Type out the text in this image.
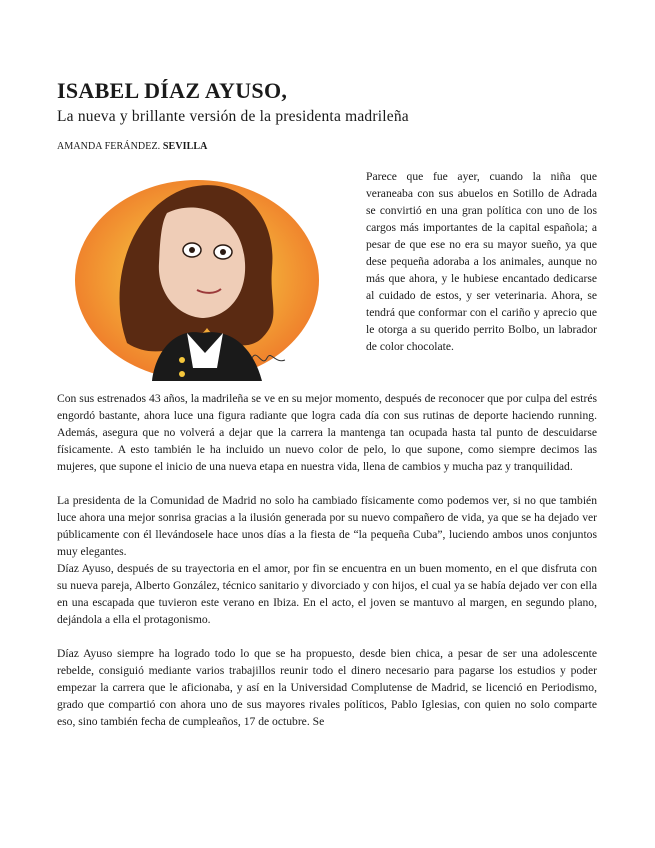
ISABEL DÍAZ AYUSO,
La nueva y brillante versión de la presidenta madrileña
AMANDA FERÁNDEZ. SEVILLA

Parece que fue ayer, cuando la niña que veraneaba con sus abuelos en Sotillo de Adrada se convirtió en una gran política con uno de los cargos más importantes de la capital española; a pesar de que ese no era su mayor sueño, ya que dese pequeña adoraba a los animales, aunque no más que ahora, y le hubiese encantado dedicarse al cuidado de estos, y ser veterinaria. Ahora, se tendrá que conformar con el cariño y aprecio que le otorga a su querido perrito Bolbo, un labrador de color chocolate.

Con sus estrenados 43 años, la madrileña se ve en su mejor momento, después de reconocer que por culpa del estrés engordó bastante, ahora luce una figura radiante que logra cada día con sus rutinas de deporte haciendo running. Además, asegura que no volverá a dejar que la carrera la mantenga tan ocupada hasta tal punto de descuidarse físicamente. A esto también le ha incluido un nuevo color de pelo, lo que supone, como siempre decimos las mujeres, que supone el inicio de una nueva etapa en nuestra vida, llena de cambios y mucha paz y tranquilidad.

La presidenta de la Comunidad de Madrid no solo ha cambiado físicamente como podemos ver, si no que también luce ahora una mejor sonrisa gracias a la ilusión generada por su nuevo compañero de vida, ya que se ha dejado ver públicamente con él llevándosele hace unos días a la fiesta de “la pequeña Cuba”, luciendo ambos unos conjuntos muy elegantes.

Díaz Ayuso, después de su trayectoria en el amor, por fin se encuentra en un buen momento, en el que disfruta con su nueva pareja, Alberto González, técnico sanitario y divorciado y con hijos, el cual ya se había dejado ver con ella en una escapada que tuvieron este verano en Ibiza. En el acto, el joven se mantuvo al margen, en segundo plano, dejándola a ella el protagonismo.

Díaz Ayuso siempre ha logrado todo lo que se ha propuesto, desde bien chica, a pesar de ser una adolescente rebelde, consiguió mediante varios trabajillos reunir todo el dinero necesario para pagarse los estudios y poder empezar la carrera que le aficionaba, y así en la Universidad Complutense de Madrid, se licenció en Periodismo, grado que compartió con ahora uno de sus mayores rivales políticos, Pablo Iglesias, con quien no solo comparte eso, sino también fecha de cumpleaños, 17 de octubre. Se
